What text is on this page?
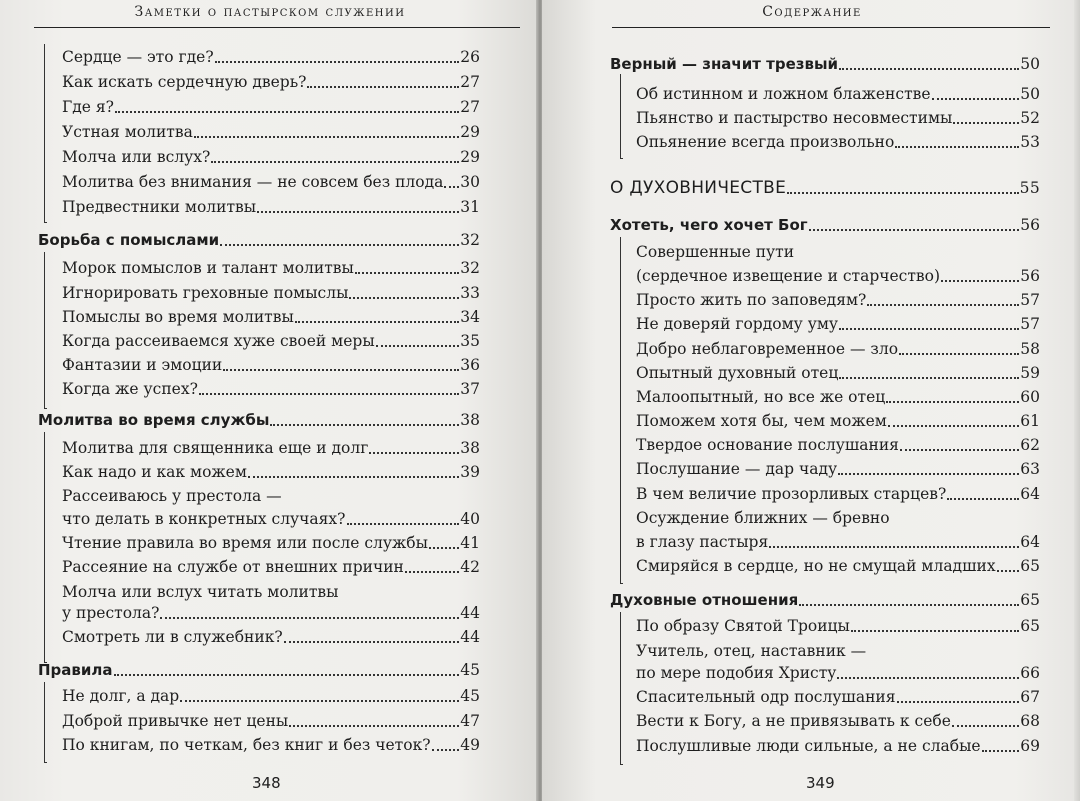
Заметки о пастырском служении
Сердце — это где?	26
Как искать сердечную дверь?	27
Где я?	27
Устная молитва	29
Молча или вслух?	29
Молитва без внимания — не совсем без плода 30
Предвестники молитвы	31
Борьба с помыслами	32
Морок помыслов и талант молитвы	32
Игнорировать греховные помыслы	33
Помыслы во время молитвы	34
Когда рассеиваемся хуже своей меры	35
Фантазии и эмоции	36
Когда же успех?	37
Молитва во время службы	38
Молитва для священника еще и долг	38
Как надо и как можем	39
Рассеиваюсь у престола —
что делать в конкретных случаях?	40
Чтение правила во время или после службы 41
Рассеяние на службе от внешних причин	42
Молча или вслух читать молитвы
у престола?	44
Смотреть ли в служебник?	44
Правила	45
Не долг, а дар	45
Доброй привычке нет цены	47
По книгам, по четкам, без книг и без четок? 49
348
Содержание
Верный — значит трезвый	50
Об истинном и ложном блаженстве	50
Пьянство и пастырство несовместимы	52
Опьянение всегда произвольно	53
О ДУХОВНИЧЕСТВЕ	55
Хотеть, чего хочет Бог	56
Совершенные пути
(сердечное извещение и старчество)	56
Просто жить по заповедям?	57
Не доверяй гордому уму	57
Добро неблаговременное — зло	58
Опытный духовный отец	59
Малоопытный, но все же отец	60
Поможем хотя бы, чем можем	61
Твердое основание послушания	62
Послушание — дар чаду	63
В чем величие прозорливых старцев?	64
Осуждение ближних — бревно
в глазу пастыря	64
Смиряйся в сердце, но не смущай младших 65
Духовные отношения	65
По образу Святой Троицы	65
Учитель, отец, наставник —
по мере подобия Христу	66
Спасительный одр послушания	67
Вести к Богу, а не привязывать к себе	68
Послушливые люди сильные, а не слабые	69
349
